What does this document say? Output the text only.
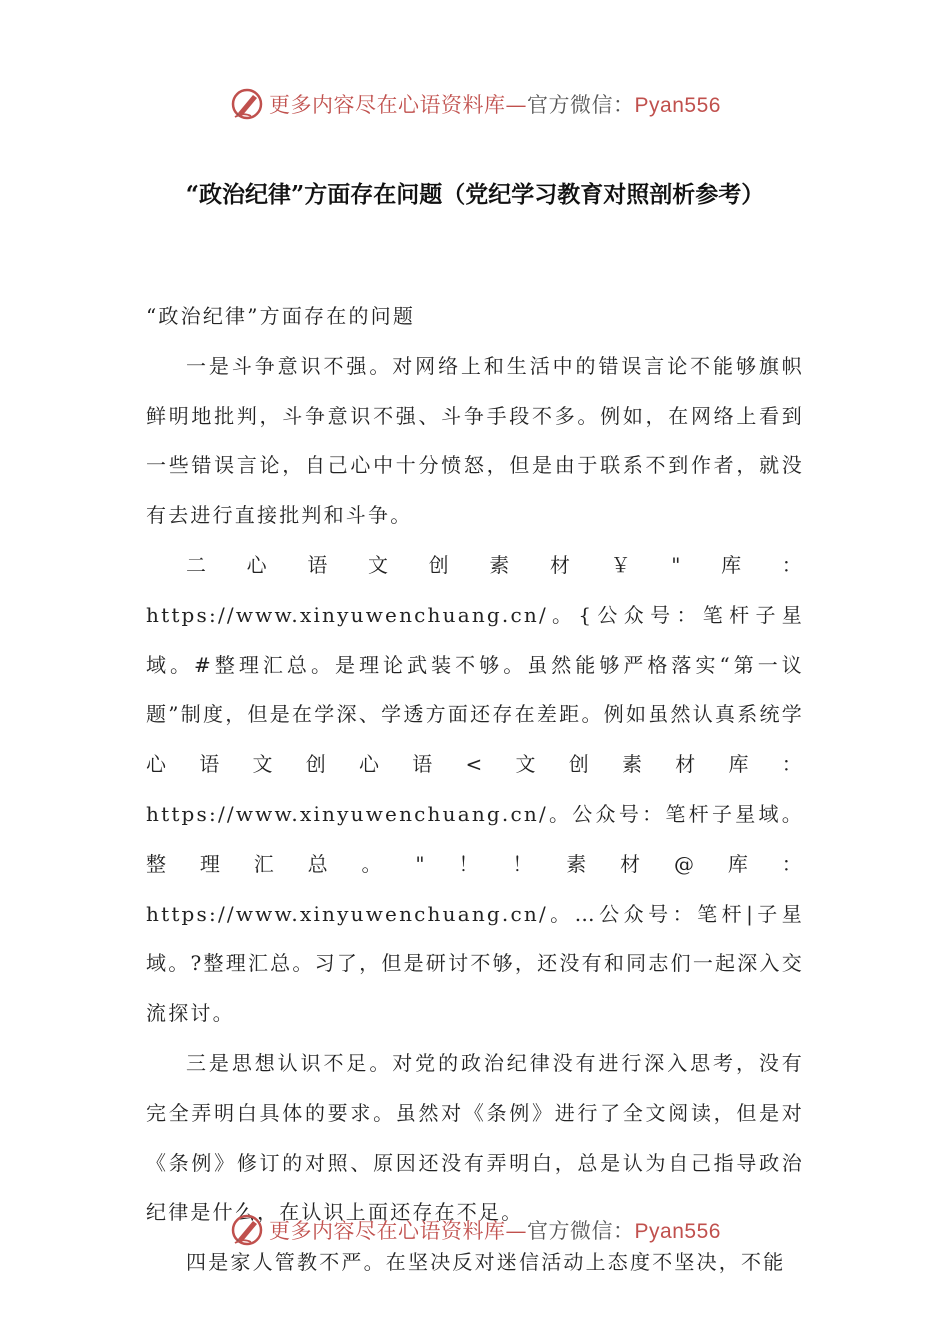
更多内容尽在心语资料库—官方微信：Pyan556
“政治纪律”方面存在问题（党纪学习教育对照剖析参考）

“政治纪律”方面存在的问题

一是斗争意识不强。对网络上和生活中的错误言论不能够旗帜鲜明地批判，斗争意识不强、斗争手段不多。例如，在网络上看到一些错误言论，自己心中十分愤怒，但是由于联系不到作者，就没有去进行直接批判和斗争。

二心语文创素材￥"库：https://www.xinyuwenchuang.cn/。{公众号：笔杆子星域。#整理汇总。是理论武装不够。虽然能够严格落实“第一议题”制度，但是在学深、学透方面还存在差距。例如虽然认真系统学心语文创心语<文创素材库：https://www.xinyuwenchuang.cn/。公众号：笔杆子星域。整理汇总。"！！素材@库：https://www.xinyuwenchuang.cn/。…公众号：笔杆|子星域。?整理汇总。习了，但是研讨不够，还没有和同志们一起深入交流探讨。

三是思想认识不足。对党的政治纪律没有进行深入思考，没有完全弄明白具体的要求。虽然对《条例》进行了全文阅读，但是对《条例》修订的对照、原因还没有弄明白，总是认为自己指导政治纪律是什么，在认识上面还存在不足。

四是家人管教不严。在坚决反对迷信活动上态度不坚决，不能

更多内容尽在心语资料库—官方微信：Pyan556
